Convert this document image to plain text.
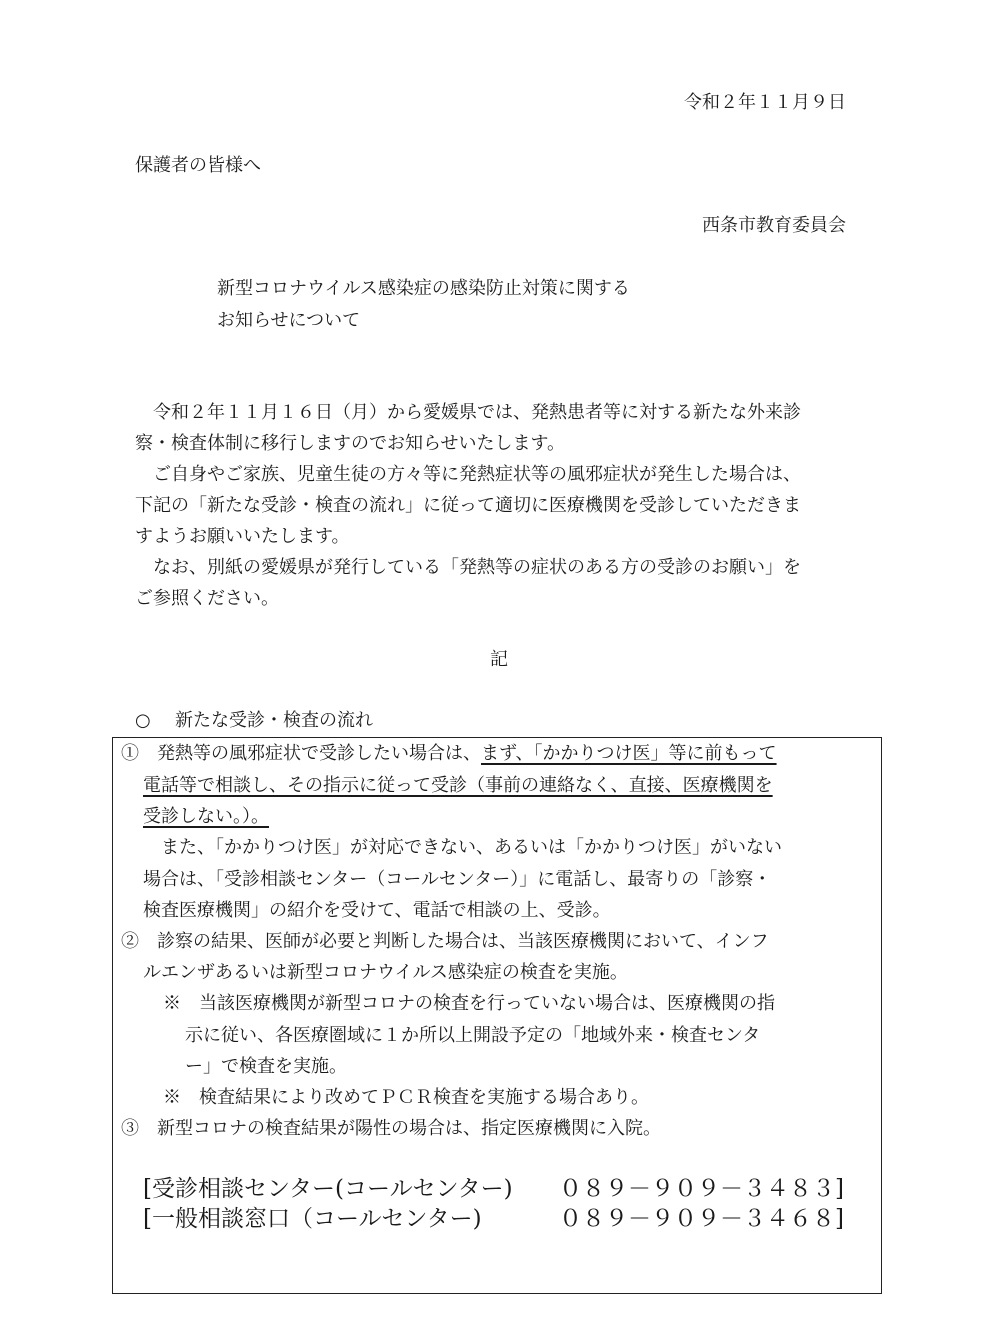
令和２年１１月９日
保護者の皆様へ
西条市教育委員会
新型コロナウイルス感染症の感染防止対策に関する
お知らせについて
　令和２年１１月１６日（月）から愛媛県では、発熱患者等に対する新たな外来診
察・検査体制に移行しますのでお知らせいたします。
　ご自身やご家族、児童生徒の方々等に発熱症状等の風邪症状が発生した場合は、
下記の「新たな受診・検査の流れ」に従って適切に医療機関を受診していただきま
すようお願いいたします。
　なお、別紙の愛媛県が発行している「発熱等の症状のある方の受診のお願い」を
ご参照ください。
記
○ 新たな受診・検査の流れ
①　発熱等の風邪症状で受診したい場合は、まず、「かかりつけ医」等に前もって
電話等で相談し、その指示に従って受診（事前の連絡なく、直接、医療機関を
受診しない。）。
また、「かかりつけ医」が対応できない、あるいは「かかりつけ医」がいない
場合は、「受診相談センター（コールセンター）」に電話し、最寄りの「診察・
検査医療機関」の紹介を受けて、電話で相談の上、受診。
②　診察の結果、医師が必要と判断した場合は、当該医療機関において、インフ
ルエンザあるいは新型コロナウイルス感染症の検査を実施。
※　当該医療機関が新型コロナの検査を行っていない場合は、医療機関の指
示に従い、各医療圏域に１か所以上開設予定の「地域外来・検査センタ
ー」で検査を実施。
※　検査結果により改めてＰＣＲ検査を実施する場合あり。
③　新型コロナの検査結果が陽性の場合は、指定医療機関に入院。
[受診相談センター(コールセンター) ０８９－９０９－３４８３]
[一般相談窓口（コールセンター)	０８９－９０９－３４６８]
